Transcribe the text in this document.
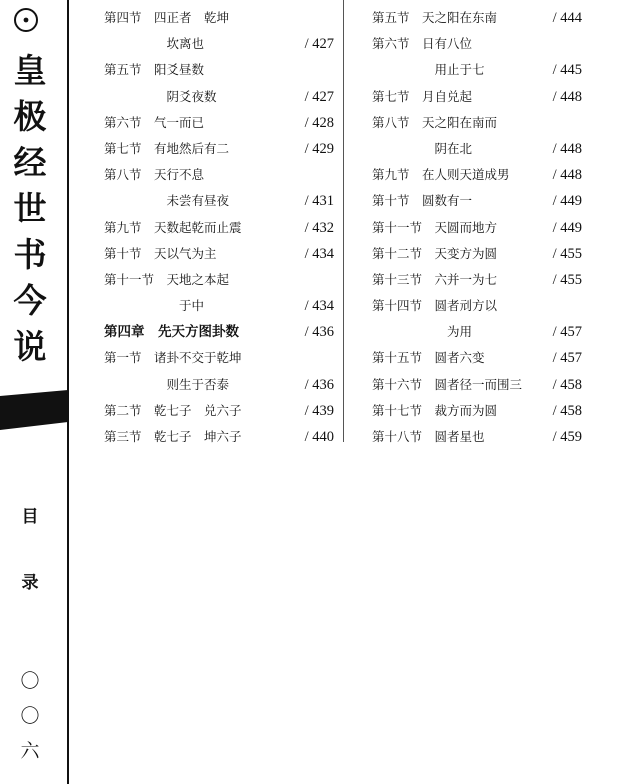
皇
极
经
世
书
今
说
目
录
〇
〇
六
第四节　四正者　乾坤
　　　　　坎离也	/ 427
第五节　阳爻昼数
　　　　　阴爻夜数	/ 427
第六节　气一而已	/ 428
第七节　有地然后有二	/ 429
第八节　天行不息
　　　　　未尝有昼夜	/ 431
第九节　天数起乾而止震	/ 432
第十节　天以气为主	/ 434
第十一节　天地之本起
　　　　　　于中	/ 434
第四章　先天方图卦数	/ 436
第一节　诸卦不交于乾坤
　　　　　则生于否泰	/ 436
第二节　乾七子　兑六子	/ 439
第三节　乾七子　坤六子	/ 440
第五节　天之阳在东南	/ 444
第六节　日有八位
　　　　　用止于七	/ 445
第七节　月自兑起	/ 448
第八节　天之阳在南而
　　　　　阴在北	/ 448
第九节　在人则天道成男	/ 448
第十节　圆数有一	/ 449
第十一节　天圆而地方	/ 449
第十二节　天变方为圆	/ 455
第十三节　六并一为七	/ 455
第十四节　圆者刓方以
　　　　　　为用	/ 457
第十五节　圆者六变	/ 457
第十六节　圆者径一而围三 / 458
第十七节　裁方而为圆	/ 458
第十八节　圆者星也	/ 459
